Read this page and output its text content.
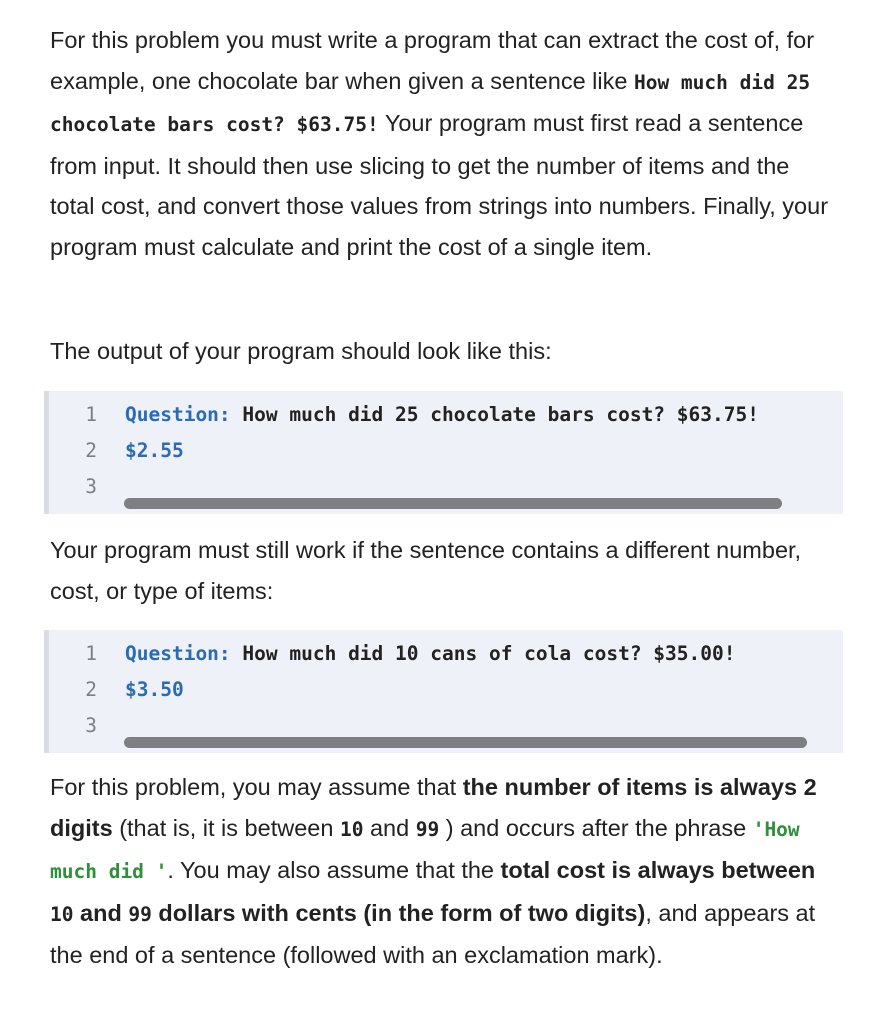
For this problem you must write a program that can extract the cost of, for example, one chocolate bar when given a sentence like How much did 25 chocolate bars cost? $63.75! Your program must first read a sentence from input. It should then use slicing to get the number of items and the total cost, and convert those values from strings into numbers. Finally, your program must calculate and print the cost of a single item.

The output of your program should look like this:

Your program must still work if the sentence contains a different number, cost, or type of items:

For this problem, you may assume that the number of items is always 2 digits (that is, it is between 10 and 99 ) and occurs after the phrase 'How much did '. You may also assume that the total cost is always between 10 and 99 dollars with cents (in the form of two digits), and appears at the end of a sentence (followed with an exclamation mark).

1 Question: How much did 25 chocolate bars cost? $63.75!
2 $2.55
3
1 Question: How much did 10 cans of cola cost? $35.00!
2 $3.50
3
